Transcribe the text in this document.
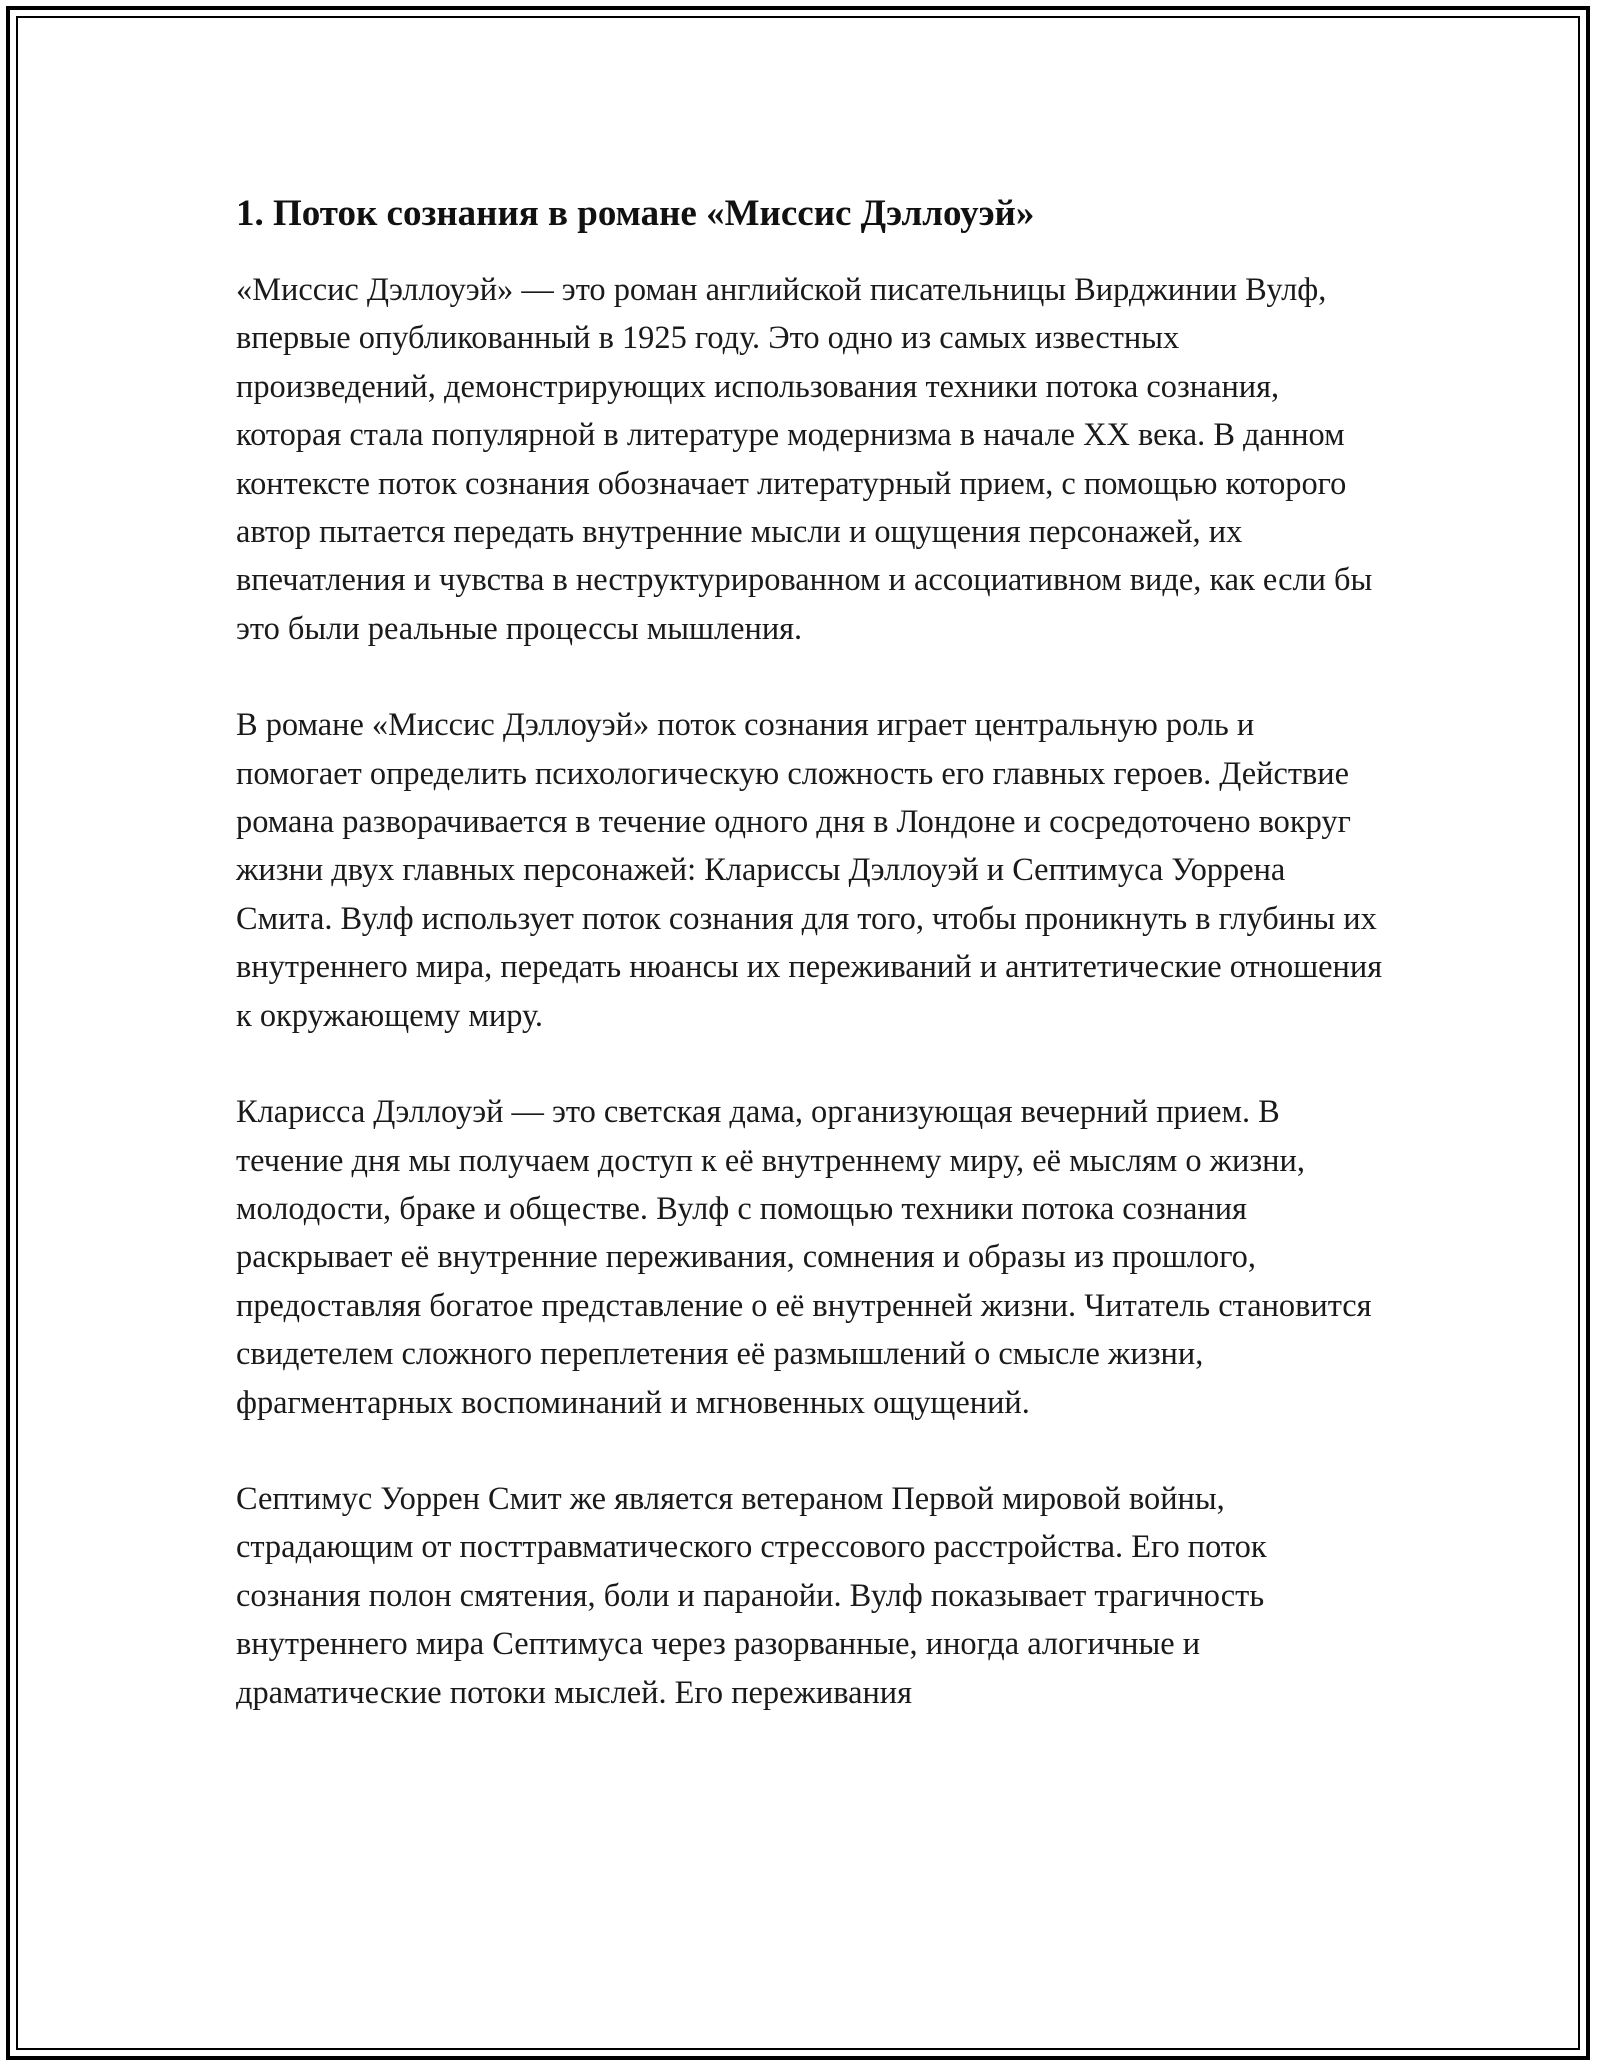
1. Поток сознания в романе «Миссис Дэллоуэй»

«Миссис Дэллоуэй» — это роман английской писательницы Вирджинии Вулф, впервые опубликованный в 1925 году. Это одно из самых известных произведений, демонстрирующих использования техники потока сознания, которая стала популярной в литературе модернизма в начале XX века. В данном контексте поток сознания обозначает литературный прием, с помощью которого автор пытается передать внутренние мысли и ощущения персонажей, их впечатления и чувства в неструктурированном и ассоциативном виде, как если бы это были реальные процессы мышления.

В романе «Миссис Дэллоуэй» поток сознания играет центральную роль и помогает определить психологическую сложность его главных героев. Действие романа разворачивается в течение одного дня в Лондоне и сосредоточено вокруг жизни двух главных персонажей: Клариссы Дэллоуэй и Септимуса Уоррена Смита. Вулф использует поток сознания для того, чтобы проникнуть в глубины их внутреннего мира, передать нюансы их переживаний и антитетические отношения к окружающему миру.

Кларисса Дэллоуэй — это светская дама, организующая вечерний прием. В течение дня мы получаем доступ к её внутреннему миру, её мыслям о жизни, молодости, браке и обществе. Вулф с помощью техники потока сознания раскрывает её внутренние переживания, сомнения и образы из прошлого, предоставляя богатое представление о её внутренней жизни. Читатель становится свидетелем сложного переплетения её размышлений о смысле жизни, фрагментарных воспоминаний и мгновенных ощущений.

Септимус Уоррен Смит же является ветераном Первой мировой войны, страдающим от посттравматического стрессового расстройства. Его поток сознания полон смятения, боли и паранойи. Вулф показывает трагичность внутреннего мира Септимуса через разорванные, иногда алогичные и драматические потоки мыслей. Его переживания
